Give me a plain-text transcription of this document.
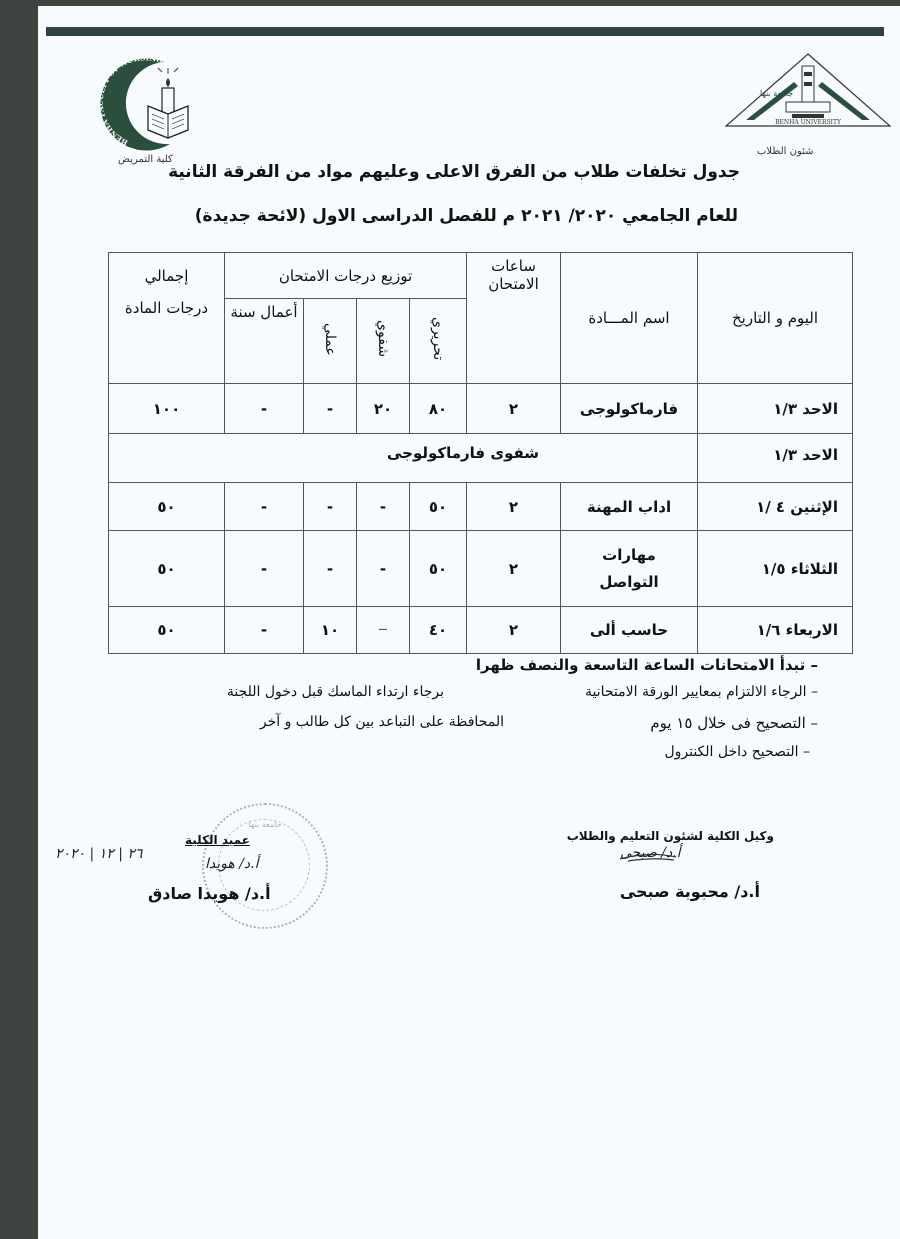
BENHA FACULTY OF NURSING
كلية التمريض
BENHA UNIVERSITY
جامعة بنها
شئون الطلاب
جدول تخلفات طلاب من الفرق الاعلى وعليهم مواد من الفرقة الثانية
للعام الجامعي ٢٠٢٠/ ٢٠٢١ م للفصل الدراسى الاول (لائحة جديدة)
اليوم و التاريخ	اسم المـــادة	ساعات الامتحان	توزيع درجات الامتحان				إجمالي
درجات المادة

			تحريري	شفوي	عملي	أعمال سنة	
الاحد ١/٣	فارماكولوجى	٢	٨٠	٢٠	-	-	١٠٠
الاحد ١/٣	شفوى فارماكولوجى						
الإثنين ٤ /١	اداب المهنة	٢	٥٠	-	-	-	٥٠
الثلاثاء ١/٥	مهارات التواصل	٢	٥٠	-	-	-	٥٠
الاربعاء ١/٦	حاسب ألى	٢	٤٠	—	١٠	-	٥٠
– تبدأ الامتحانات الساعة التاسعة والنصف ظهرا
– الرجاء الالتزام بمعايير الورقة الامتحانية
– التصحيح فى خلال ١٥ يوم
– التصحيح داخل الكنترول
برجاء ارتداء الماسك قبل دخول اللجنة
المحافظة على التباعد بين كل طالب و آخر
جامعة بنها
وكيل الكلية لشئون التعليم والطلاب
أ.د/ صبحى
أ.د/ محبوبة صبحى
عميد الكلية
٢٦ | ١٢ | ٢٠٢٠
أ.د/ هويدا
أ.د/ هويدا صادق
